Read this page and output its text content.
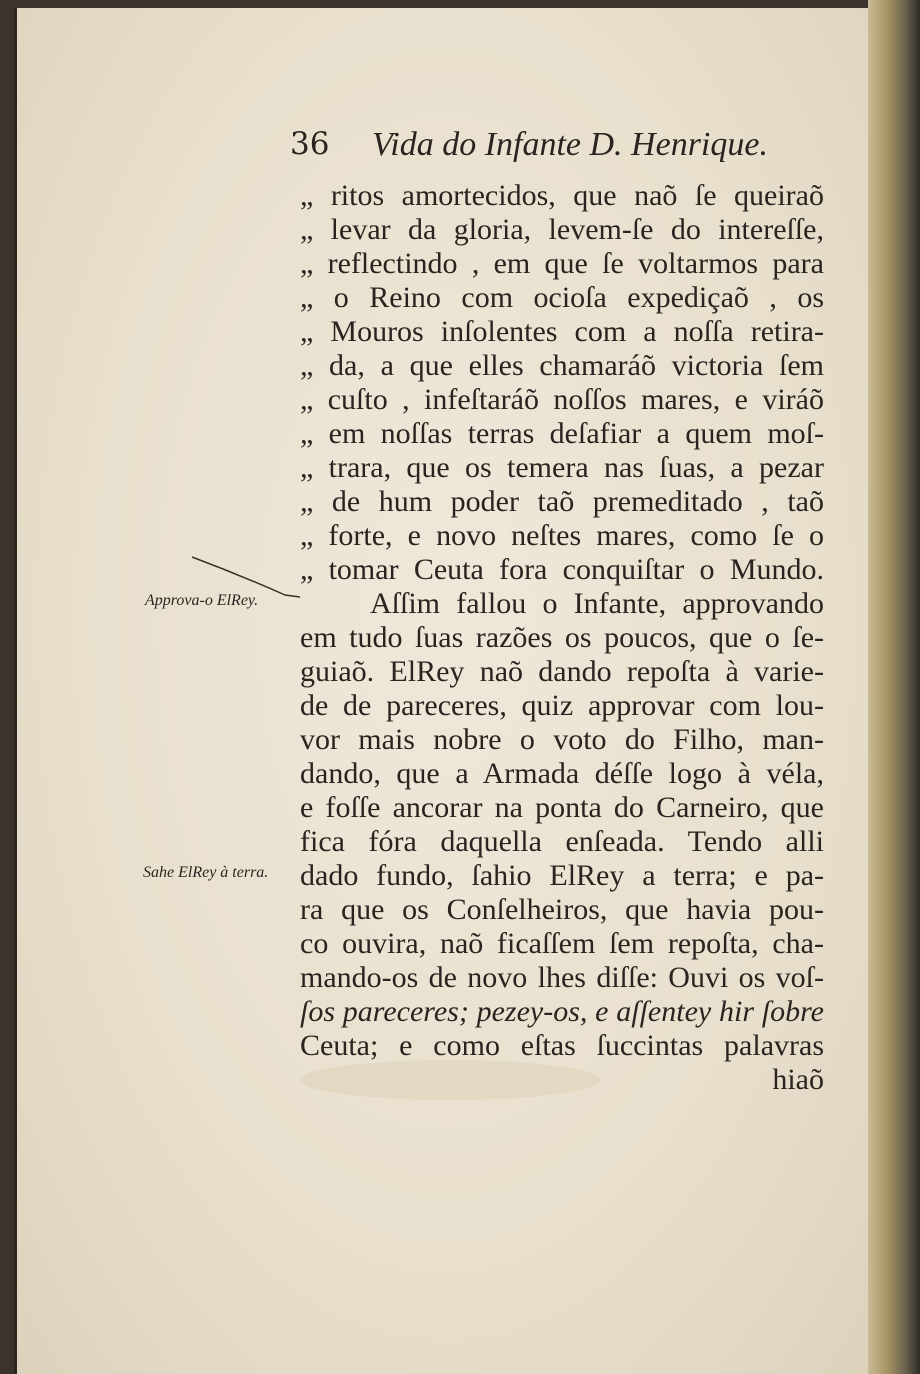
36 Vida do Infante D. Henrique.
„ ritos amortecidos, que naõ ſe queiraõ
„ levar da gloria, levem-ſe do intereſſe,
„ reflectindo , em que ſe voltarmos para
„ o Reino com ocioſa expediçaõ , os
„ Mouros inſolentes com a noſſa retira-
„ da, a que elles chamaráõ victoria ſem
„ cuſto , infeſtaráõ noſſos mares, e viráõ
„ em noſſas terras deſafiar a quem moſ-
„ trara, que os temera nas ſuas, a pezar
„ de hum poder taõ premeditado , taõ
„ forte, e novo neſtes mares, como ſe o
„ tomar Ceuta fora conquiſtar o Mundo.
Aſſim fallou o Infante, approvando
em tudo ſuas razões os poucos, que o ſe-
guiaõ. ElRey naõ dando repoſta à varie-
de de pareceres, quiz approvar com lou-
vor mais nobre o voto do Filho, man-
dando, que a Armada déſſe logo à véla,
e foſſe ancorar na ponta do Carneiro, que
fica fóra daquella enſeada. Tendo alli
dado fundo, ſahio ElRey a terra; e pa-
ra que os Conſelheiros, que havia pou-
co ouvira, naõ ficaſſem ſem repoſta, cha-
mando-os de novo lhes diſſe: Ouvi os voſ-
ſos pareceres; pezey-os, e aſſentey hir ſobre
Ceuta; e como eſtas ſuccintas palavras
hiaõ
Approva-o ElRey.
Sahe ElRey à terra.
